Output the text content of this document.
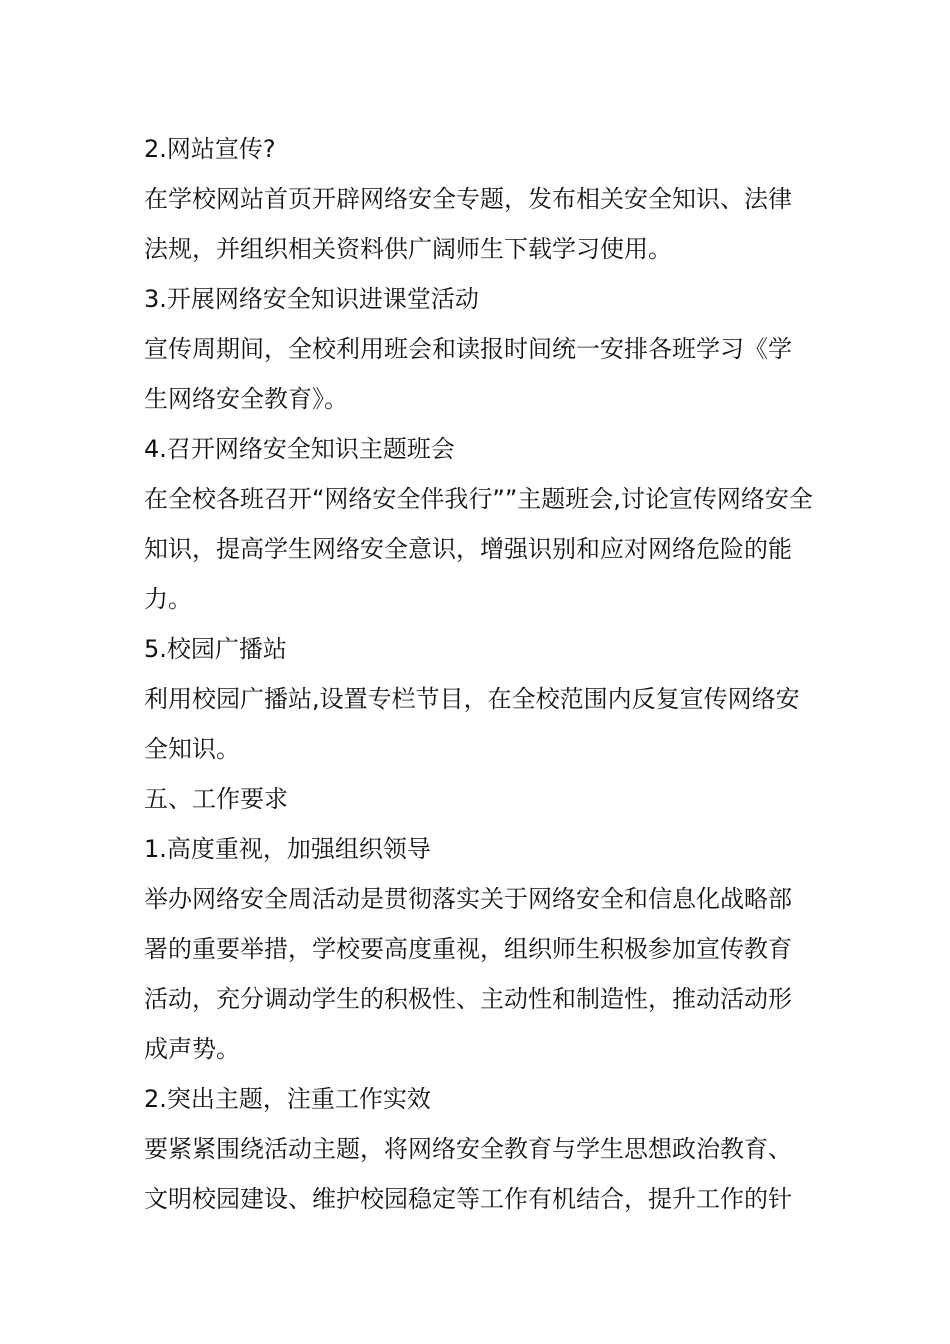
2.网站宣传?
在学校网站首页开辟网络安全专题，发布相关安全知识、法律
法规，并组织相关资料供广阔师生下载学习使用。
3.开展网络安全知识进课堂活动
宣传周期间，全校利用班会和读报时间统一安排各班学习《学
生网络安全教育》。
4.召开网络安全知识主题班会
在全校各班召开“网络安全伴我行””主题班会,讨论宣传网络安全
知识，提高学生网络安全意识，增强识别和应对网络危险的能
力。
5.校园广播站
利用校园广播站,设置专栏节目，在全校范围内反复宣传网络安
全知识。
五、工作要求
1.高度重视，加强组织领导
举办网络安全周活动是贯彻落实关于网络安全和信息化战略部
署的重要举措，学校要高度重视，组织师生积极参加宣传教育
活动，充分调动学生的积极性、主动性和制造性，推动活动形
成声势。
2.突出主题，注重工作实效
要紧紧围绕活动主题，将网络安全教育与学生思想政治教育、
文明校园建设、维护校园稳定等工作有机结合，提升工作的针
